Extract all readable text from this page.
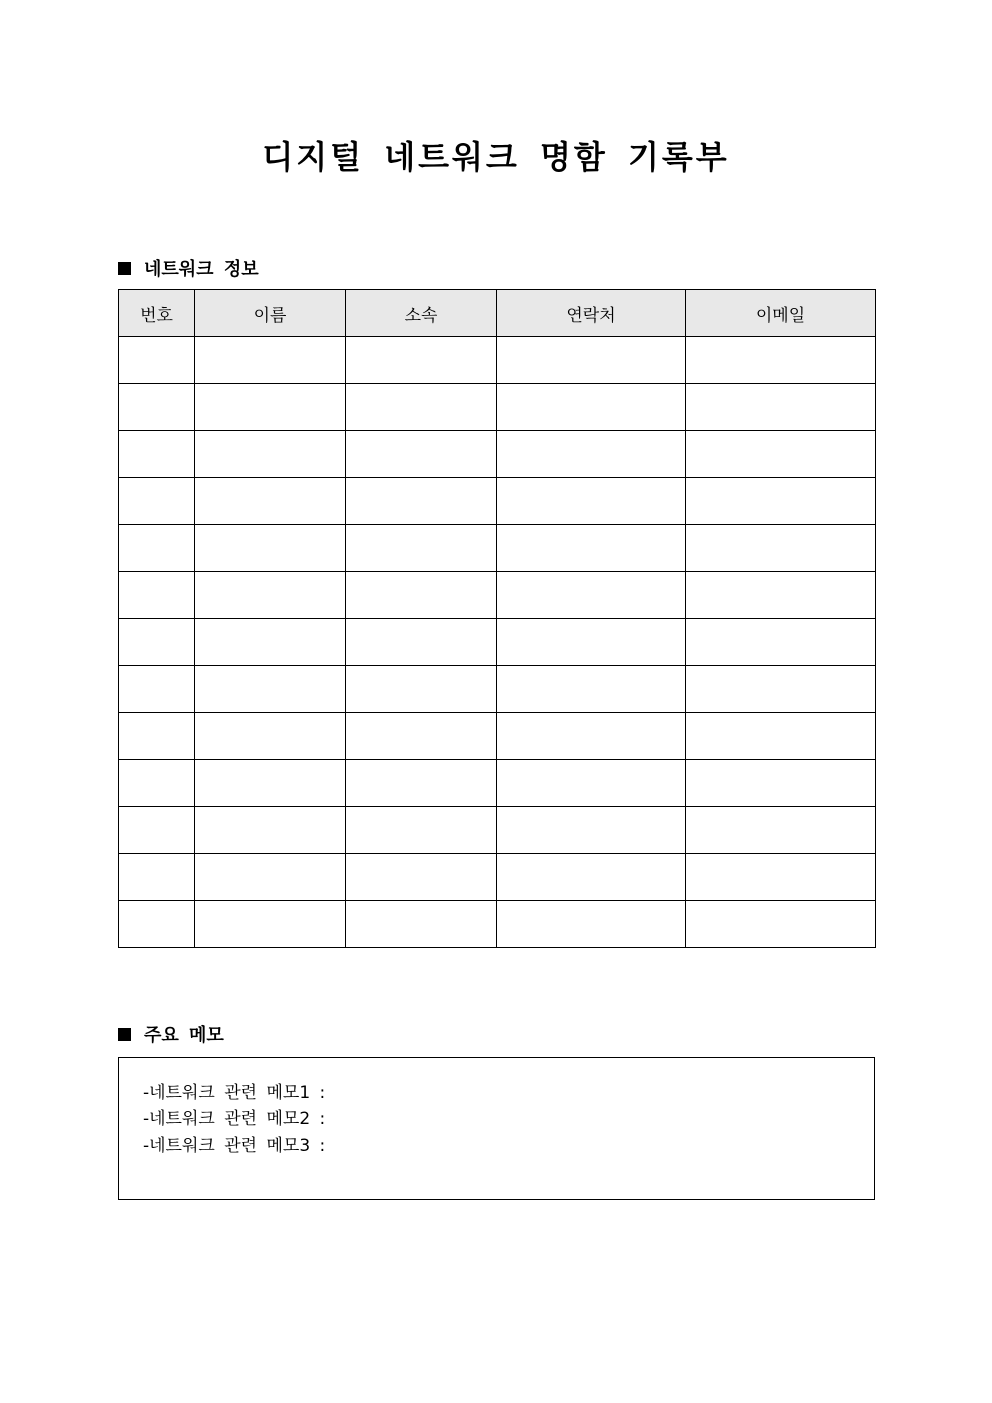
디지털 네트워크 명함 기록부
네트워크 정보
번호	이름	소속	연락처	이메일

주요 메모
-네트워크 관련 메모1 :
-네트워크 관련 메모2 :
-네트워크 관련 메모3 :
